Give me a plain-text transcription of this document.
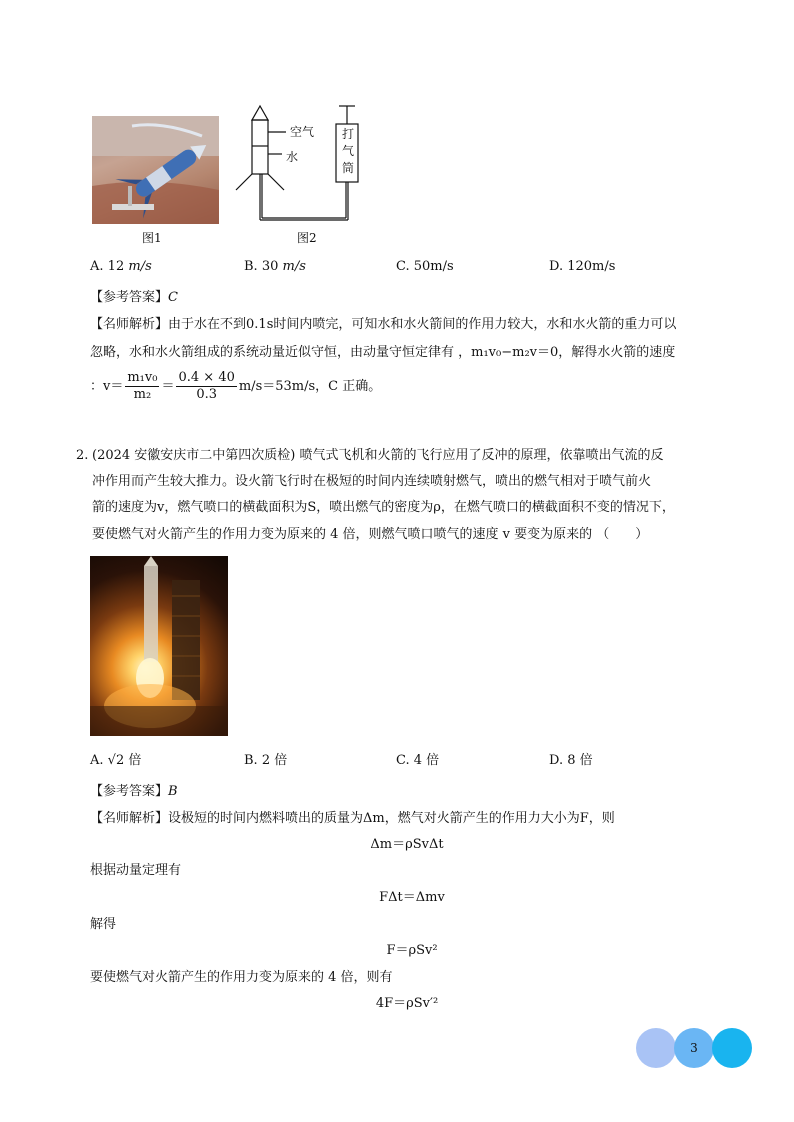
图1
空气
水
打气筒
图2
A. 12 m/s	B. 30 m/s	C. 50m/s	D. 120m/s
【参考答案】C
【名师解析】由于水在不到0.1s时间内喷完，可知水和水火箭间的作用力较大，水和水火箭的重力可以
忽略，水和水火箭组成的系统动量近似守恒，由动量守恒定律有 ，m₁v₀−m₂v＝0，解得水火箭的速度
：$v= \frac{\text{m₁v₀}}{\text{m₂}} = \frac{0.4 \times 40}{0.3} m/s=53m/s$，C 正确。
2. (2024 安徽安庆市二中第四次质检) 喷气式飞机和火箭的飞行应用了反冲的原理，依靠喷出气流的反
冲作用而产生较大推力。设火箭飞行时在极短的时间内连续喷射燃气，喷出的燃气相对于喷气前火
箭的速度为v，燃气喷口的横截面积为S，喷出燃气的密度为ρ，在燃气喷口的横截面积不变的情况下，
要使燃气对火箭产生的作用力变为原来的 4 倍，则燃气喷口喷气的速度 v 要变为原来的 （　　）
A. √2 倍	B. 2 倍	C. 4 倍	D. 8 倍
【参考答案】B
【名师解析】设极短的时间内燃料喷出的质量为Δm，燃气对火箭产生的作用力大小为F，则
Δm＝ρSvΔt
根据动量定理有
FΔt＝Δmv
解得
F＝ρSv²
要使燃气对火箭产生的作用力变为原来的 4 倍，则有
4F＝ρSv′²
3
